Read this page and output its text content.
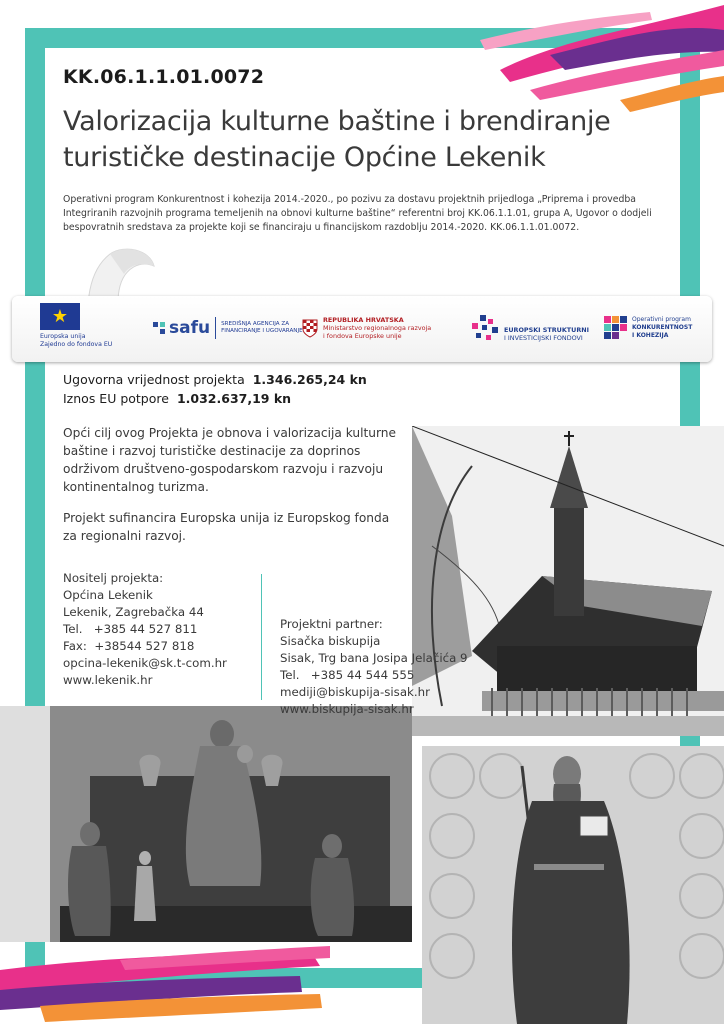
KK.06.1.1.01.0072
Valorizacija kulturne baštine i brendiranje
turističke destinacije Općine Lekenik
Operativni program Konkurentnost i kohezija 2014.-2020., po pozivu za dostavu projektnih prijedloga „Priprema i provedba Integriranih razvojnih programa temeljenih na obnovi kulturne baštine“ referentni broj KK.06.1.1.01, grupa A, Ugovor o dodjeli bespovratnih sredstava za projekte koji se financiraju u financijskom razdoblju 2014.-2020. KK.06.1.1.01.0072.
★
Europska unija
Zajedno do fondova EU
safu SREDIŠNJA AGENCIJA ZA
FINANCIRANJE I UGOVARANJE
REPUBLIKA HRVATSKA
Ministarstvo regionalnoga razvoja
i fondova Europske unije
EUROPSKI STRUKTURNI
I INVESTICIJSKI FONDOVI
Operativni program
KONKURENTNOST
I KOHEZIJA
Ugovorna vrijednost projekta 1.346.265,24 kn
Iznos EU potpore 1.032.637,19 kn
Opći cilj ovog Projekta je obnova i valorizacija kulturne
baštine i razvoj turističke destinacije za doprinos
održivom društveno-gospodarskom razvoju i razvoju
kontinentalnog turizma.
Projekt sufinancira Europska unija iz Europskog fonda
za regionalni razvoj.
Nositelj projekta:
Općina Lekenik
Lekenik, Zagrebačka 44
Tel.   +385 44 527 811
Fax:  +38544 527 818
opcina-lekenik@sk.t-com.hr
www.lekenik.hr
Projektni partner:
Sisačka biskupija
Sisak, Trg bana Josipa Jelačića 9
Tel.   +385 44 544 555
mediji@biskupija-sisak.hr
www.biskupija-sisak.hr
